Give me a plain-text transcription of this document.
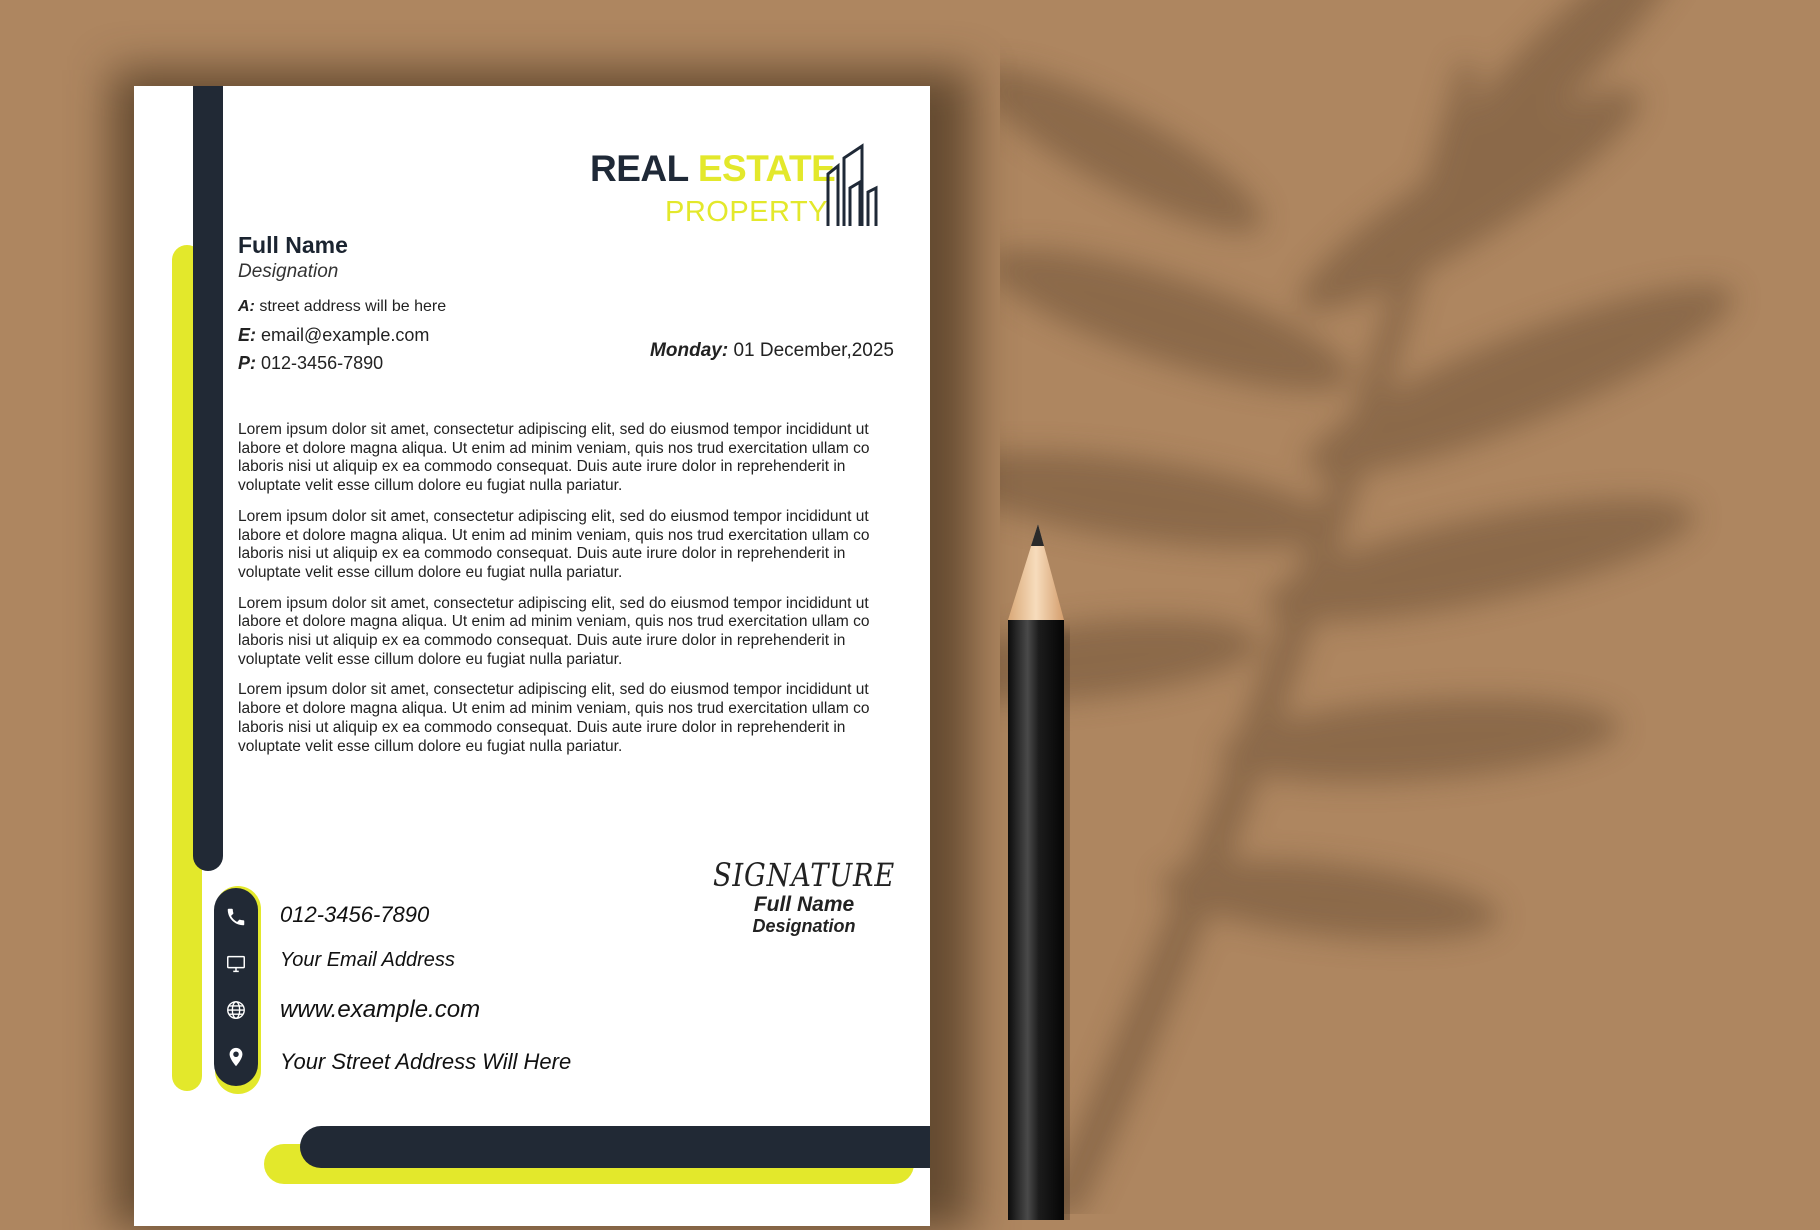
REAL ESTATE
PROPERTY
Full Name
Designation
A: street address will be here
E: email@example.com
P: 012-3456-7890
Monday: 01 December,2025

Lorem ipsum dolor sit amet, consectetur adipiscing elit, sed do eiusmod tempor incididunt ut labore et dolore magna aliqua. Ut enim ad minim veniam, quis nos trud exercitation ullam co laboris nisi ut aliquip ex ea commodo consequat. Duis aute irure dolor in reprehenderit in voluptate velit esse cillum dolore eu fugiat nulla pariatur.

Lorem ipsum dolor sit amet, consectetur adipiscing elit, sed do eiusmod tempor incididunt ut labore et dolore magna aliqua. Ut enim ad minim veniam, quis nos trud exercitation ullam co laboris nisi ut aliquip ex ea commodo consequat. Duis aute irure dolor in reprehenderit in voluptate velit esse cillum dolore eu fugiat nulla pariatur.

Lorem ipsum dolor sit amet, consectetur adipiscing elit, sed do eiusmod tempor incididunt ut labore et dolore magna aliqua. Ut enim ad minim veniam, quis nos trud exercitation ullam co laboris nisi ut aliquip ex ea commodo consequat. Duis aute irure dolor in reprehenderit in voluptate velit esse cillum dolore eu fugiat nulla pariatur.

Lorem ipsum dolor sit amet, consectetur adipiscing elit, sed do eiusmod tempor incididunt ut labore et dolore magna aliqua. Ut enim ad minim veniam, quis nos trud exercitation ullam co laboris nisi ut aliquip ex ea commodo consequat. Duis aute irure dolor in reprehenderit in voluptate velit esse cillum dolore eu fugiat nulla pariatur.

SIGNATURE
Full Name
Designation
012-3456-7890
Your Email Address
www.example.com
Your Street Address Will Here
